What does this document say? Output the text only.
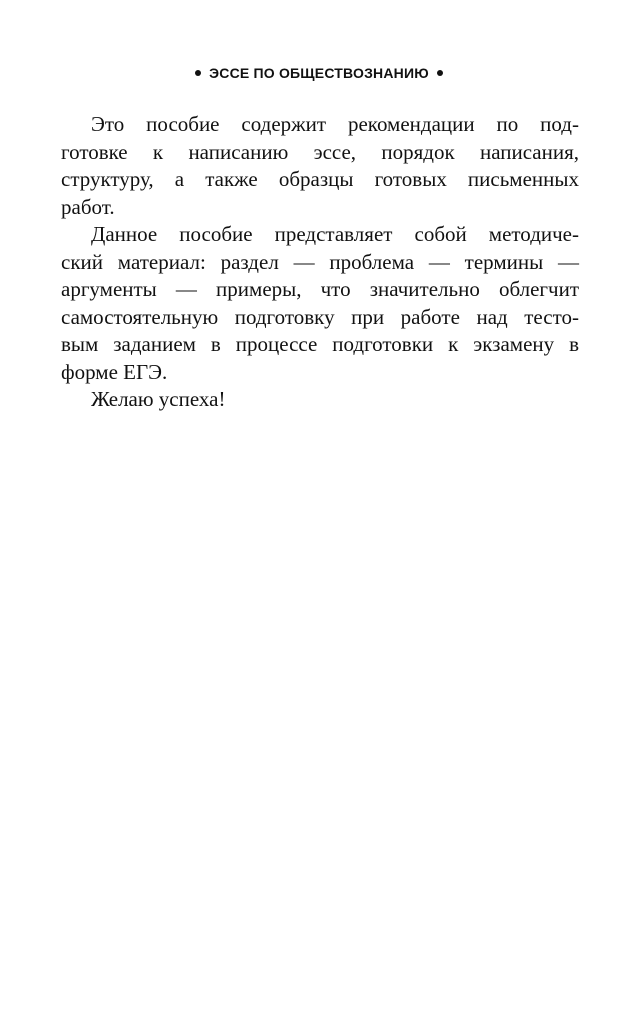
ЭССЕ ПО ОБЩЕСТВОЗНАНИЮ
Это пособие содержит рекомендации по под-
готовке к написанию эссе, порядок написания,
структуру, а также образцы готовых письменных
работ.
Данное пособие представляет собой методиче-
ский материал: раздел — проблема — термины —
аргументы — примеры, что значительно облегчит
самостоятельную подготовку при работе над тесто-
вым заданием в процессе подготовки к экзамену в
форме ЕГЭ.
Желаю успеха!
